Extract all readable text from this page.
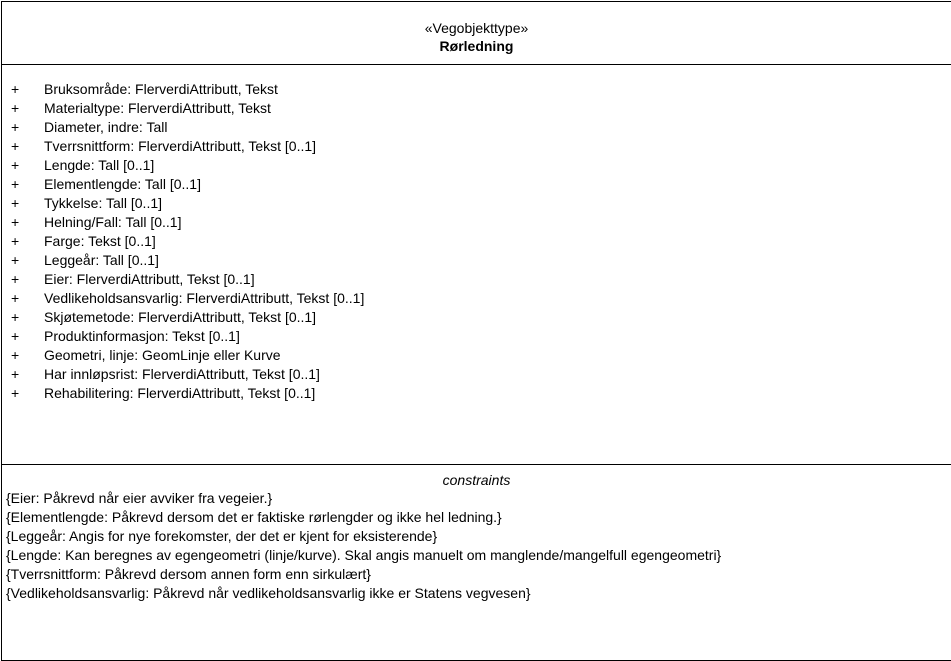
«Vegobjekttype»
Rørledning
+ Bruksområde: FlerverdiAttributt, Tekst
+ Materialtype: FlerverdiAttributt, Tekst
+ Diameter, indre: Tall
+ Tverrsnittform: FlerverdiAttributt, Tekst [0..1]
+ Lengde: Tall [0..1]
+ Elementlengde: Tall [0..1]
+ Tykkelse: Tall [0..1]
+ Helning/Fall: Tall [0..1]
+ Farge: Tekst [0..1]
+ Leggeår: Tall [0..1]
+ Eier: FlerverdiAttributt, Tekst [0..1]
+ Vedlikeholdsansvarlig: FlerverdiAttributt, Tekst [0..1]
+ Skjøtemetode: FlerverdiAttributt, Tekst [0..1]
+ Produktinformasjon: Tekst [0..1]
+ Geometri, linje: GeomLinje eller Kurve
+ Har innløpsrist: FlerverdiAttributt, Tekst [0..1]
+ Rehabilitering: FlerverdiAttributt, Tekst [0..1]
constraints
{Eier: Påkrevd når eier avviker fra vegeier.}
{Elementlengde: Påkrevd dersom det er faktiske rørlengder og ikke hel ledning.}
{Leggeår: Angis for nye forekomster, der det er kjent for eksisterende}
{Lengde: Kan beregnes av egengeometri (linje/kurve). Skal angis manuelt om manglende/mangelfull egengeometri}
{Tverrsnittform: Påkrevd dersom annen form enn sirkulært}
{Vedlikeholdsansvarlig: Påkrevd når vedlikeholdsansvarlig ikke er Statens vegvesen}
